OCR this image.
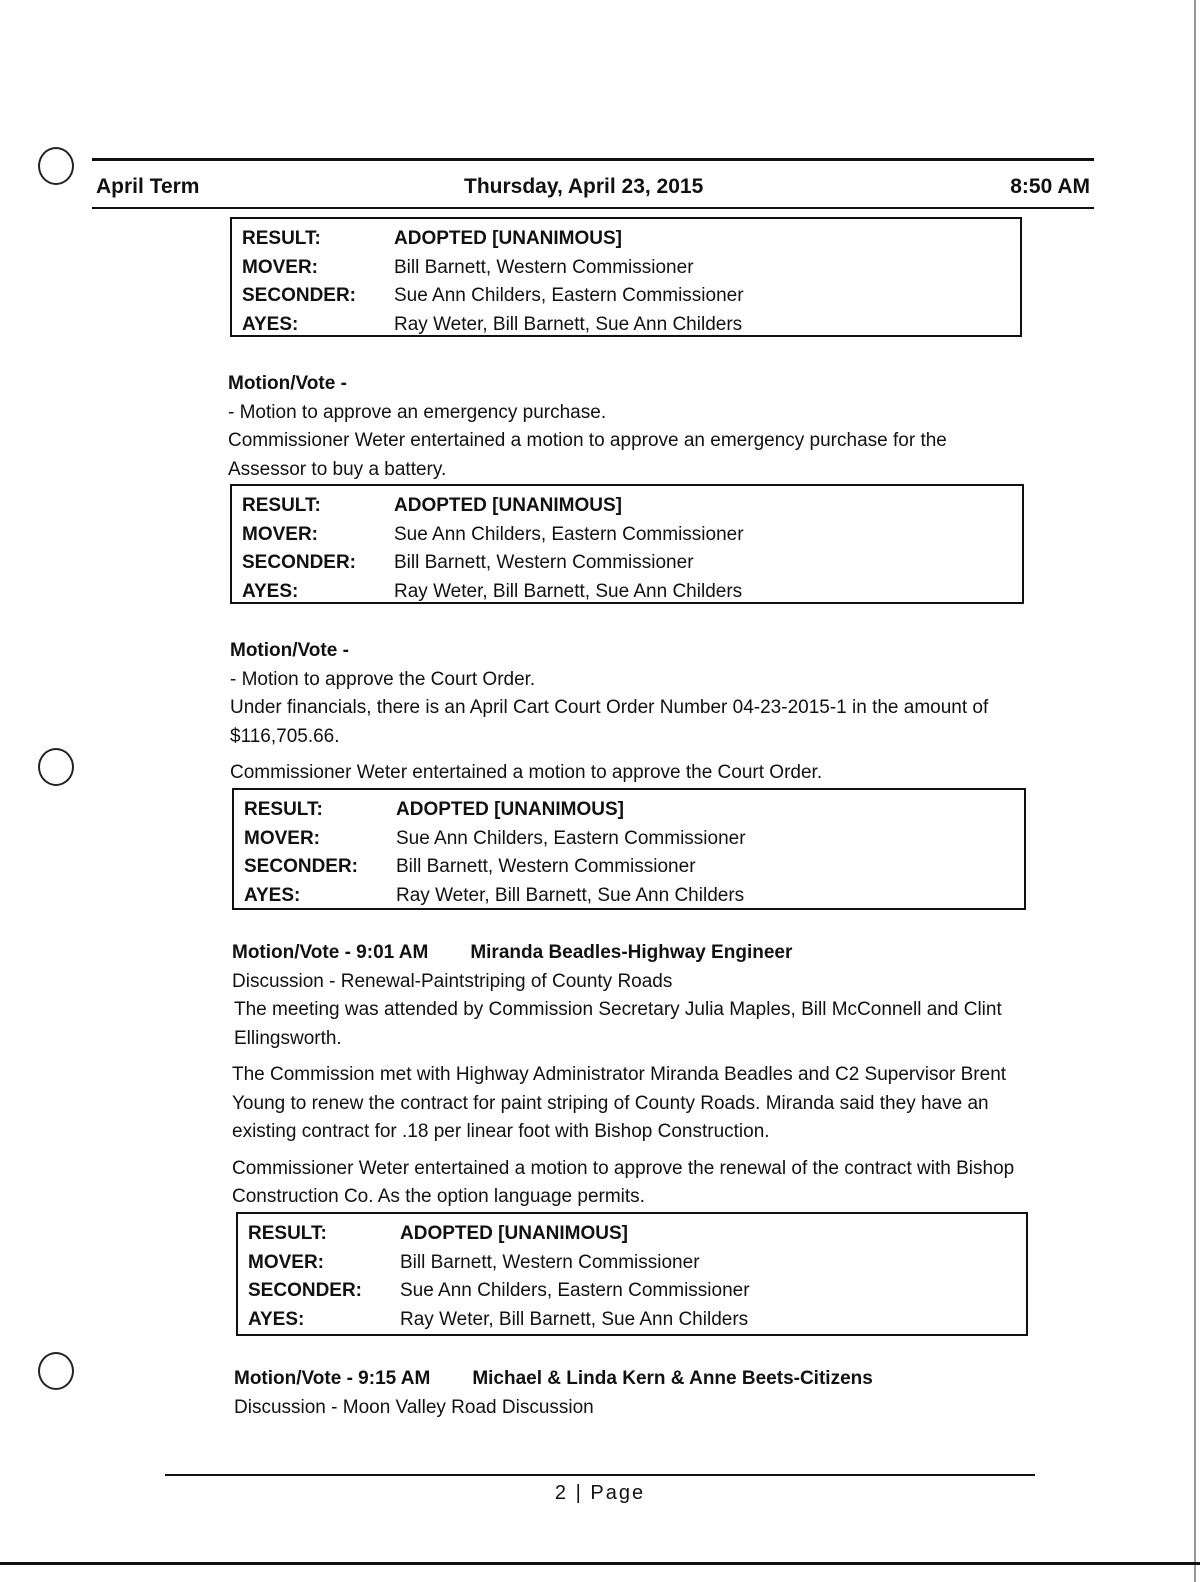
April Term	Thursday, April 23, 2015	8:50 AM
RESULT:	ADOPTED [UNANIMOUS]
MOVER:	Bill Barnett, Western Commissioner
SECONDER:	Sue Ann Childers, Eastern Commissioner
AYES:	Ray Weter, Bill Barnett, Sue Ann Childers

Motion/Vote -

- Motion to approve an emergency purchase.

Commissioner Weter entertained a motion to approve an emergency purchase for the Assessor to buy a battery.

RESULT:	ADOPTED [UNANIMOUS]
MOVER:	Sue Ann Childers, Eastern Commissioner
SECONDER:	Bill Barnett, Western Commissioner
AYES:	Ray Weter, Bill Barnett, Sue Ann Childers

Motion/Vote -

- Motion to approve the Court Order.

Under financials, there is an April Cart Court Order Number 04-23-2015-1 in the amount of $116,705.66.

Commissioner Weter entertained a motion to approve the Court Order.

RESULT:	ADOPTED [UNANIMOUS]
MOVER:	Sue Ann Childers, Eastern Commissioner
SECONDER:	Bill Barnett, Western Commissioner
AYES:	Ray Weter, Bill Barnett, Sue Ann Childers

Motion/Vote - 9:01 AM Miranda Beadles-Highway Engineer

Discussion - Renewal-Paintstriping of County Roads

The meeting was attended by Commission Secretary Julia Maples, Bill McConnell and Clint Ellingsworth.

The Commission met with Highway Administrator Miranda Beadles and C2 Supervisor Brent Young to renew the contract for paint striping of County Roads. Miranda said they have an existing contract for .18 per linear foot with Bishop Construction.

Commissioner Weter entertained a motion to approve the renewal of the contract with Bishop Construction Co. As the option language permits.

RESULT:	ADOPTED [UNANIMOUS]
MOVER:	Bill Barnett, Western Commissioner
SECONDER:	Sue Ann Childers, Eastern Commissioner
AYES:	Ray Weter, Bill Barnett, Sue Ann Childers

Motion/Vote - 9:15 AM Michael & Linda Kern & Anne Beets-Citizens

Discussion - Moon Valley Road Discussion

2 | Page
